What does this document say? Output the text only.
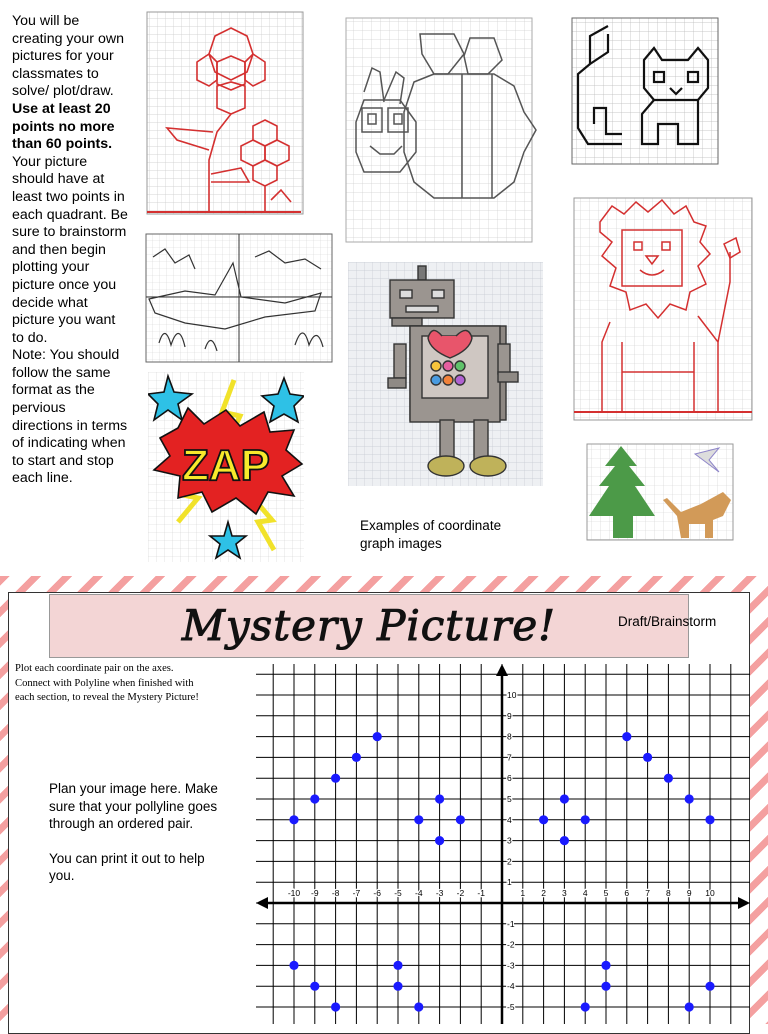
You will be creating your own pictures for your classmates to solve/ plot/draw.

Use at least 20 points no more than 60 points.

Your picture should have at least two points in each quadrant. Be sure to brainstorm and then begin plotting your picture once you decide what picture you want to do.

Note: You should follow the same format as the pervious directions in terms of indicating when to start and stop each line.	ZAP
Examples of coordinate
graph images
Mystery Picture!	Draft/Brainstorm
Plot each coordinate pair on the axes.
Connect with Polyline when finished with
each section, to reveal the Mystery Picture!

Plan your image here. Make sure that your pollyline goes through an ordered pair.

You can print it out to help you.

-10 -9 -8 -7 -6 -5 -4 -3 -2 -1	1 2 3 4 5 6 7 8 9 10
10
9
8
7
6
5
4
3
2
1
-1
-2
-3
-4
-5
